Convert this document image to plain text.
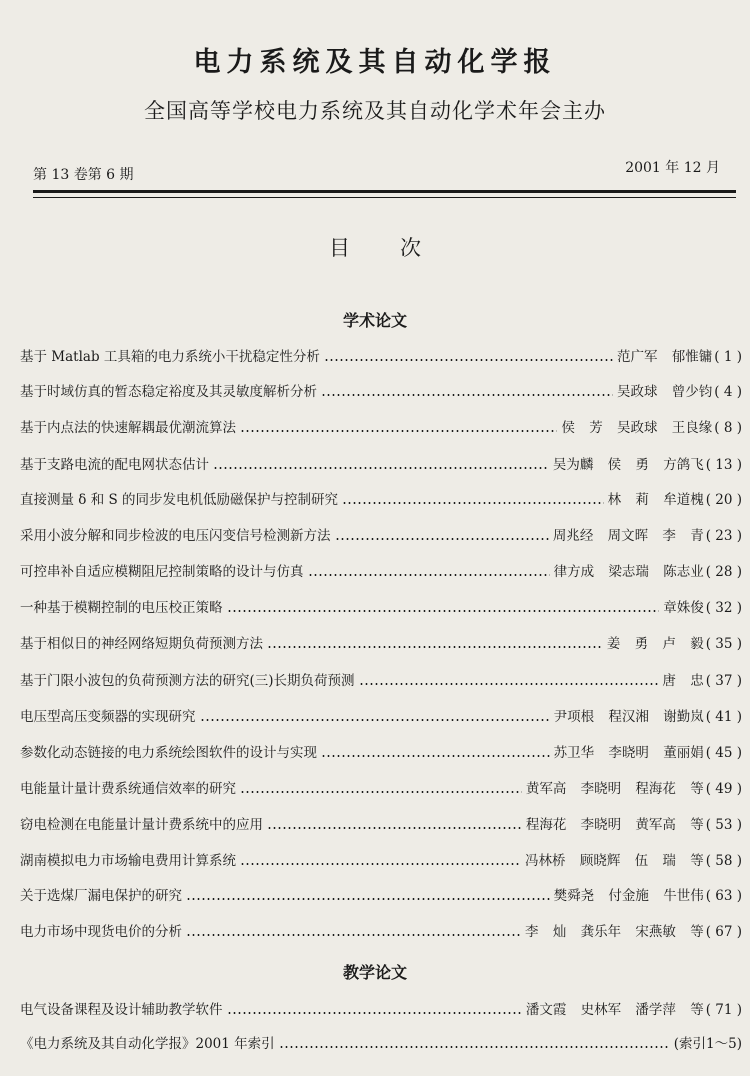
电力系统及其自动化学报
全国高等学校电力系统及其自动化学术年会主办
第 13 卷第 6 期	2001 年 12 月
目次
学术论文
基于 Matlab 工具箱的电力系统小干扰稳定性分析	范广军 郁惟镛 ( 1 )
基于时域仿真的暂态稳定裕度及其灵敏度解析分析	吴政球 曾少钧 ( 4 )
基于内点法的快速解耦最优潮流算法	侯 芳 吴政球 王良缘 ( 8 )
基于支路电流的配电网状态估计	吴为麟 侯 勇 方鸽飞 ( 13 )
直接测量 δ 和 S 的同步发电机低励磁保护与控制研究	林 莉 牟道槐 ( 20 )
采用小波分解和同步检波的电压闪变信号检测新方法	周兆经 周文晖 李 青 ( 23 )
可控串补自适应模糊阻尼控制策略的设计与仿真	律方成 梁志瑞 陈志业 ( 28 )
一种基于模糊控制的电压校正策略	章姝俊 ( 32 )
基于相似日的神经网络短期负荷预测方法	姜 勇 卢 毅 ( 35 )
基于门限小波包的负荷预测方法的研究(三)长期负荷预测	唐 忠 ( 37 )
电压型高压变频器的实现研究	尹项根 程汉湘 谢勤岚 ( 41 )
参数化动态链接的电力系统绘图软件的设计与实现	苏卫华 李晓明 董丽娟 ( 45 )
电能量计量计费系统通信效率的研究	黄军高 李晓明 程海花 等 ( 49 )
窃电检测在电能量计量计费系统中的应用	程海花 李晓明 黄军高 等 ( 53 )
湖南模拟电力市场输电费用计算系统	冯林桥 顾晓辉 伍 瑞 等 ( 58 )
关于选煤厂漏电保护的研究	樊舜尧 付金施 牛世伟 ( 63 )
电力市场中现货电价的分析	李 灿 龚乐年 宋燕敏 等 ( 67 )
教学论文
电气设备课程及设计辅助教学软件	潘文霞 史林军 潘学萍 等 ( 71 )
《电力系统及其自动化学报》2001 年索引	(索引1～5)
